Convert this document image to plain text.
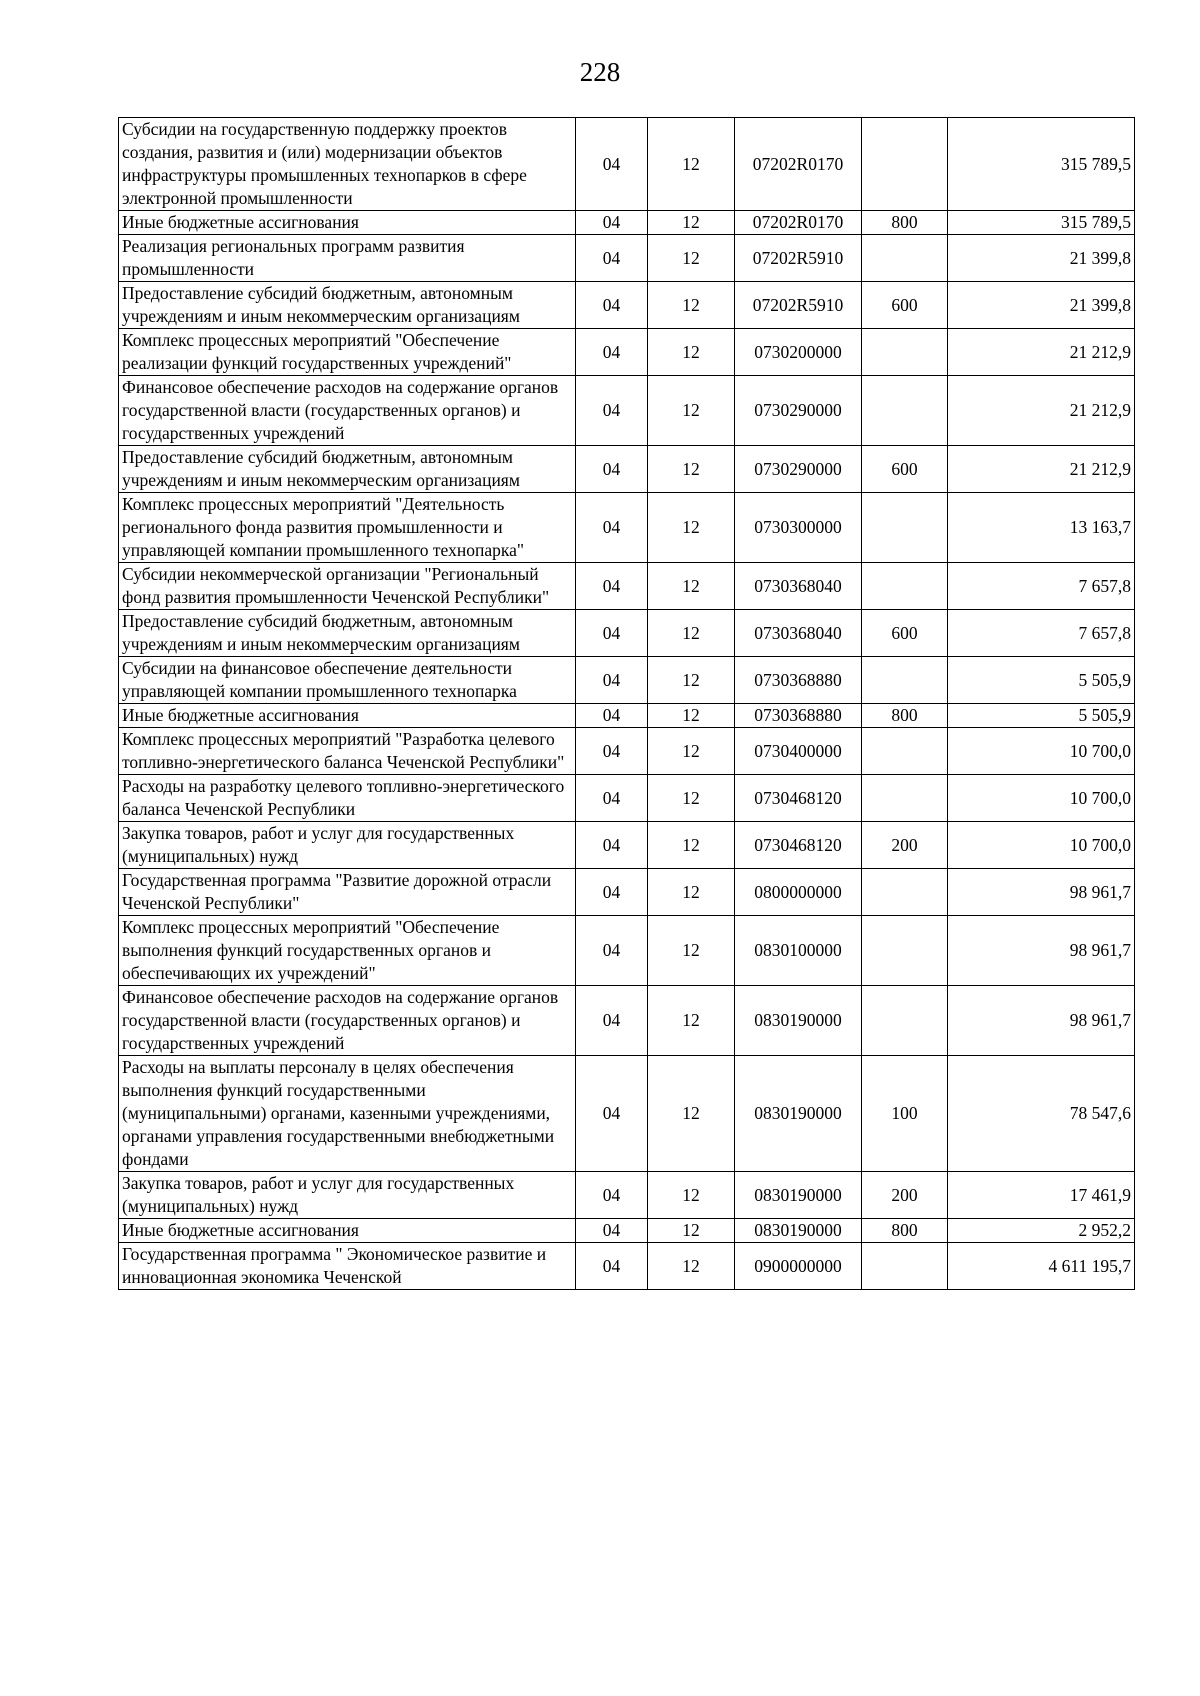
228
Субсидии на государственную поддержку проектов создания, развития и (или) модернизации объектов инфраструктуры промышленных технопарков в сфере электронной промышленности	04	12	07202R0170		315 789,5
Иные бюджетные ассигнования	04	12	07202R0170	800	315 789,5
Реализация региональных программ развития промышленности	04	12	07202R5910		21 399,8
Предоставление субсидий бюджетным, автономным учреждениям и иным некоммерческим организациям	04	12	07202R5910	600	21 399,8
Комплекс процессных мероприятий "Обеспечение реализации функций государственных учреждений"	04	12	0730200000		21 212,9
Финансовое обеспечение расходов на содержание органов государственной власти (государственных органов) и государственных учреждений	04	12	0730290000		21 212,9
Предоставление субсидий бюджетным, автономным учреждениям и иным некоммерческим организациям	04	12	0730290000	600	21 212,9
Комплекс процессных мероприятий "Деятельность регионального фонда развития промышленности и управляющей компании промышленного технопарка"	04	12	0730300000		13 163,7
Субсидии некоммерческой организации "Региональный фонд развития промышленности Чеченской Республики"	04	12	0730368040		7 657,8
Предоставление субсидий бюджетным, автономным учреждениям и иным некоммерческим организациям	04	12	0730368040	600	7 657,8
Субсидии на финансовое обеспечение деятельности управляющей компании промышленного технопарка	04	12	0730368880		5 505,9
Иные бюджетные ассигнования	04	12	0730368880	800	5 505,9
Комплекс процессных мероприятий "Разработка целевого топливно-энергетического баланса Чеченской Республики"	04	12	0730400000		10 700,0
Расходы на разработку целевого топливно-энергетического баланса Чеченской Республики	04	12	0730468120		10 700,0
Закупка товаров, работ и услуг для государственных (муниципальных) нужд	04	12	0730468120	200	10 700,0
Государственная программа "Развитие дорожной отрасли Чеченской Республики"	04	12	0800000000		98 961,7
Комплекс процессных мероприятий "Обеспечение выполнения функций государственных органов и обеспечивающих их учреждений"	04	12	0830100000		98 961,7
Финансовое обеспечение расходов на содержание органов государственной власти (государственных органов) и государственных учреждений	04	12	0830190000		98 961,7
Расходы на выплаты персоналу в целях обеспечения выполнения функций государственными (муниципальными) органами, казенными учреждениями, органами управления государственными внебюджетными фондами	04	12	0830190000	100	78 547,6
Закупка товаров, работ и услуг для государственных (муниципальных) нужд	04	12	0830190000	200	17 461,9
Иные бюджетные ассигнования	04	12	0830190000	800	2 952,2

Государственная программа " Экономическое развитие и инновационная экономика Чеченской	04	12	0900000000		4 611 195,7
